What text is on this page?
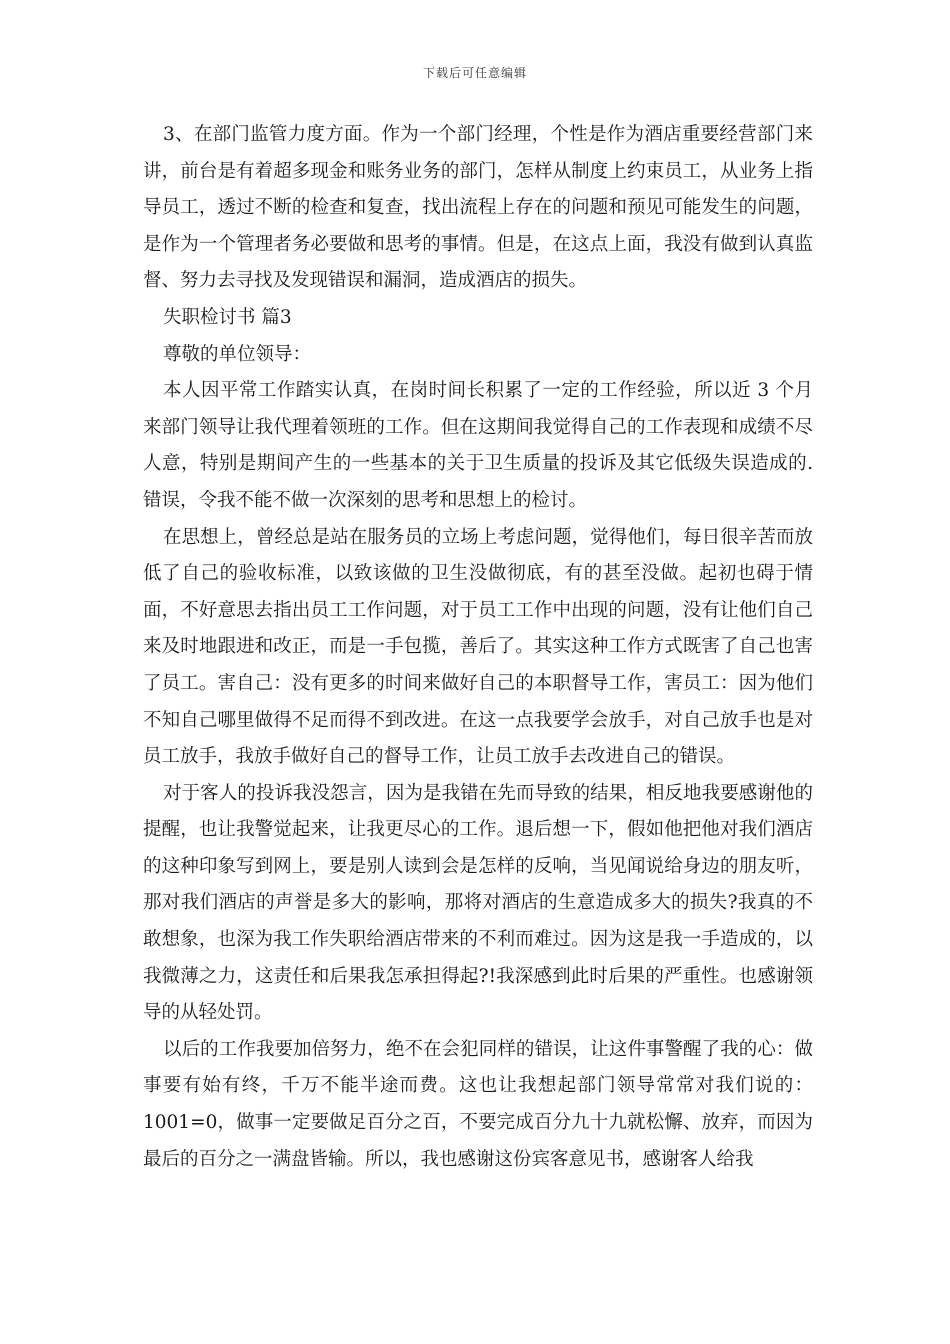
下载后可任意编辑

3、在部门监管力度方面。作为一个部门经理，个性是作为酒店重要经营部门来讲，前台是有着超多现金和账务业务的部门，怎样从制度上约束员工，从业务上指导员工，透过不断的检查和复查，找出流程上存在的问题和预见可能发生的问题，是作为一个管理者务必要做和思考的事情。但是，在这点上面，我没有做到认真监督、努力去寻找及发现错误和漏洞，造成酒店的损失。

失职检讨书 篇3

尊敬的单位领导：

本人因平常工作踏实认真，在岗时间长积累了一定的工作经验，所以近 3 个月来部门领导让我代理着领班的工作。但在这期间我觉得自己的工作表现和成绩不尽人意，特别是期间产生的一些基本的关于卫生质量的投诉及其它低级失误造成的.错误，令我不能不做一次深刻的思考和思想上的检讨。

在思想上，曾经总是站在服务员的立场上考虑问题，觉得他们，每日很辛苦而放低了自己的验收标准，以致该做的卫生没做彻底，有的甚至没做。起初也碍于情面，不好意思去指出员工工作问题，对于员工工作中出现的问题，没有让他们自己来及时地跟进和改正，而是一手包揽，善后了。其实这种工作方式既害了自己也害了员工。害自己：没有更多的时间来做好自己的本职督导工作，害员工：因为他们不知自己哪里做得不足而得不到改进。在这一点我要学会放手，对自己放手也是对员工放手，我放手做好自己的督导工作，让员工放手去改进自己的错误。

对于客人的投诉我没怨言，因为是我错在先而导致的结果，相反地我要感谢他的提醒，也让我警觉起来，让我更尽心的工作。退后想一下，假如他把他对我们酒店的这种印象写到网上，要是别人读到会是怎样的反响，当见闻说给身边的朋友听，那对我们酒店的声誉是多大的影响，那将对酒店的生意造成多大的损失?我真的不敢想象，也深为我工作失职给酒店带来的不利而难过。因为这是我一手造成的，以我微薄之力，这责任和后果我怎承担得起?!我深感到此时后果的严重性。也感谢领导的从轻处罚。

以后的工作我要加倍努力，绝不在会犯同样的错误，让这件事警醒了我的心：做事要有始有终，千万不能半途而费。这也让我想起部门领导常常对我们说的：1001=0，做事一定要做足百分之百，不要完成百分九十九就松懈、放弃，而因为最后的百分之一满盘皆输。所以，我也感谢这份宾客意见书，感谢客人给我
